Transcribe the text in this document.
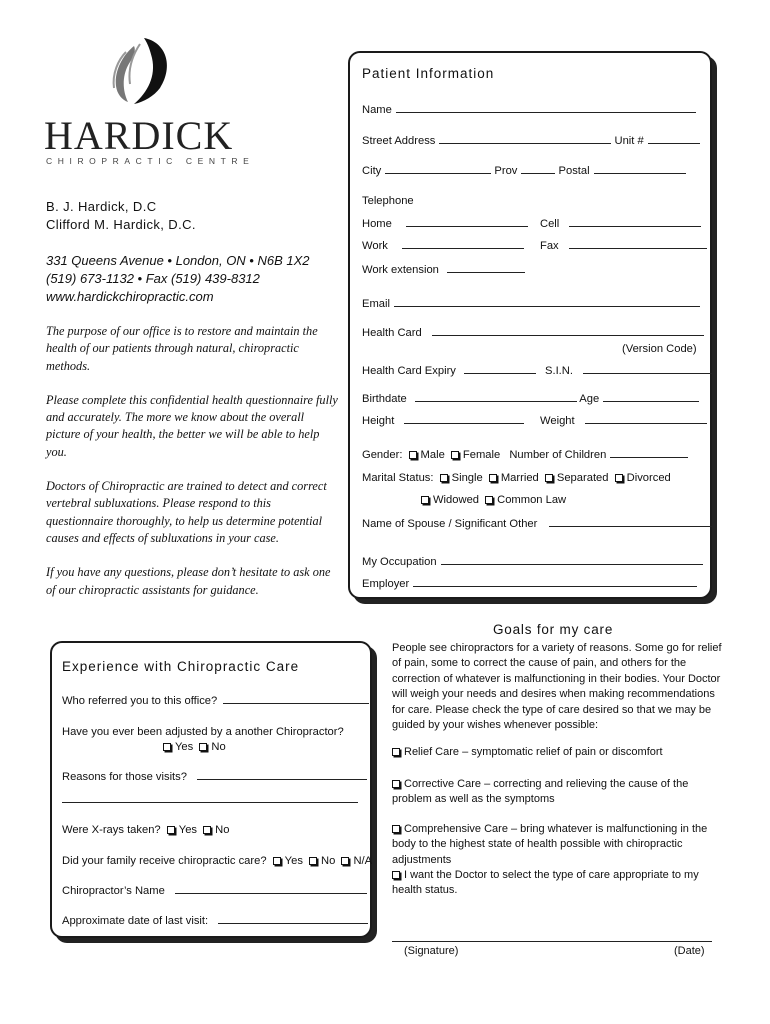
HARDICK
CHIROPRACTIC CENTRE
B. J. Hardick, D.C
Clifford M. Hardick, D.C.
331 Queens Avenue • London, ON • N6B 1X2
(519) 673-1132 • Fax (519) 439-8312
www.hardickchiropractic.com
The purpose of our office is to restore and maintain the health of our patients through natural, chiropractic methods.
Please complete this confidential health questionnaire fully and accurately. The more we know about the overall picture of your health, the better we will be able to help you.
Doctors of Chiropractic are trained to detect and correct vertebral subluxations. Please respond to this questionnaire thoroughly, to help us determine potential causes and effects of subluxations in your case.
If you have any questions, please don’t hesitate to ask one of our chiropractic assistants for guidance.
Patient Information
Name
Street Address	Unit #
City	Prov	Postal
Telephone
Home	Cell
Work	Fax
Work extension
Email
Health Card
(Version Code)
Health Card Expiry	S.I.N.
Birthdate	Age
Height	Weight
Gender: Male Female Number of Children
Marital Status: Single Married Separated Divorced
Widowed Common Law
Name of Spouse / Significant Other
My Occupation
Employer
Experience with Chiropractic Care
Who referred you to this office?
Have you ever been adjusted by a another Chiropractor?
Yes No
Reasons for those visits?
Were X-rays taken? Yes No
Did your family receive chiropractic care? Yes No N/A
Chiropractor’s Name
Approximate date of last visit:
Goals for my care
People see chiropractors for a variety of reasons. Some go for relief of pain, some to correct the cause of pain, and others for the correction of whatever is malfunctioning in their bodies. Your Doctor will weigh your needs and desires when making recommendations for care. Please check the type of care desired so that we may be guided by your wishes whenever possible:
Relief Care – symptomatic relief of pain or discomfort
Corrective Care – correcting and relieving the cause of the problem as well as the symptoms
Comprehensive Care – bring whatever is malfunctioning in the body to the highest state of health possible with chiropractic adjustments
I want the Doctor to select the type of care appropriate to my health status.
(Signature)	(Date)
